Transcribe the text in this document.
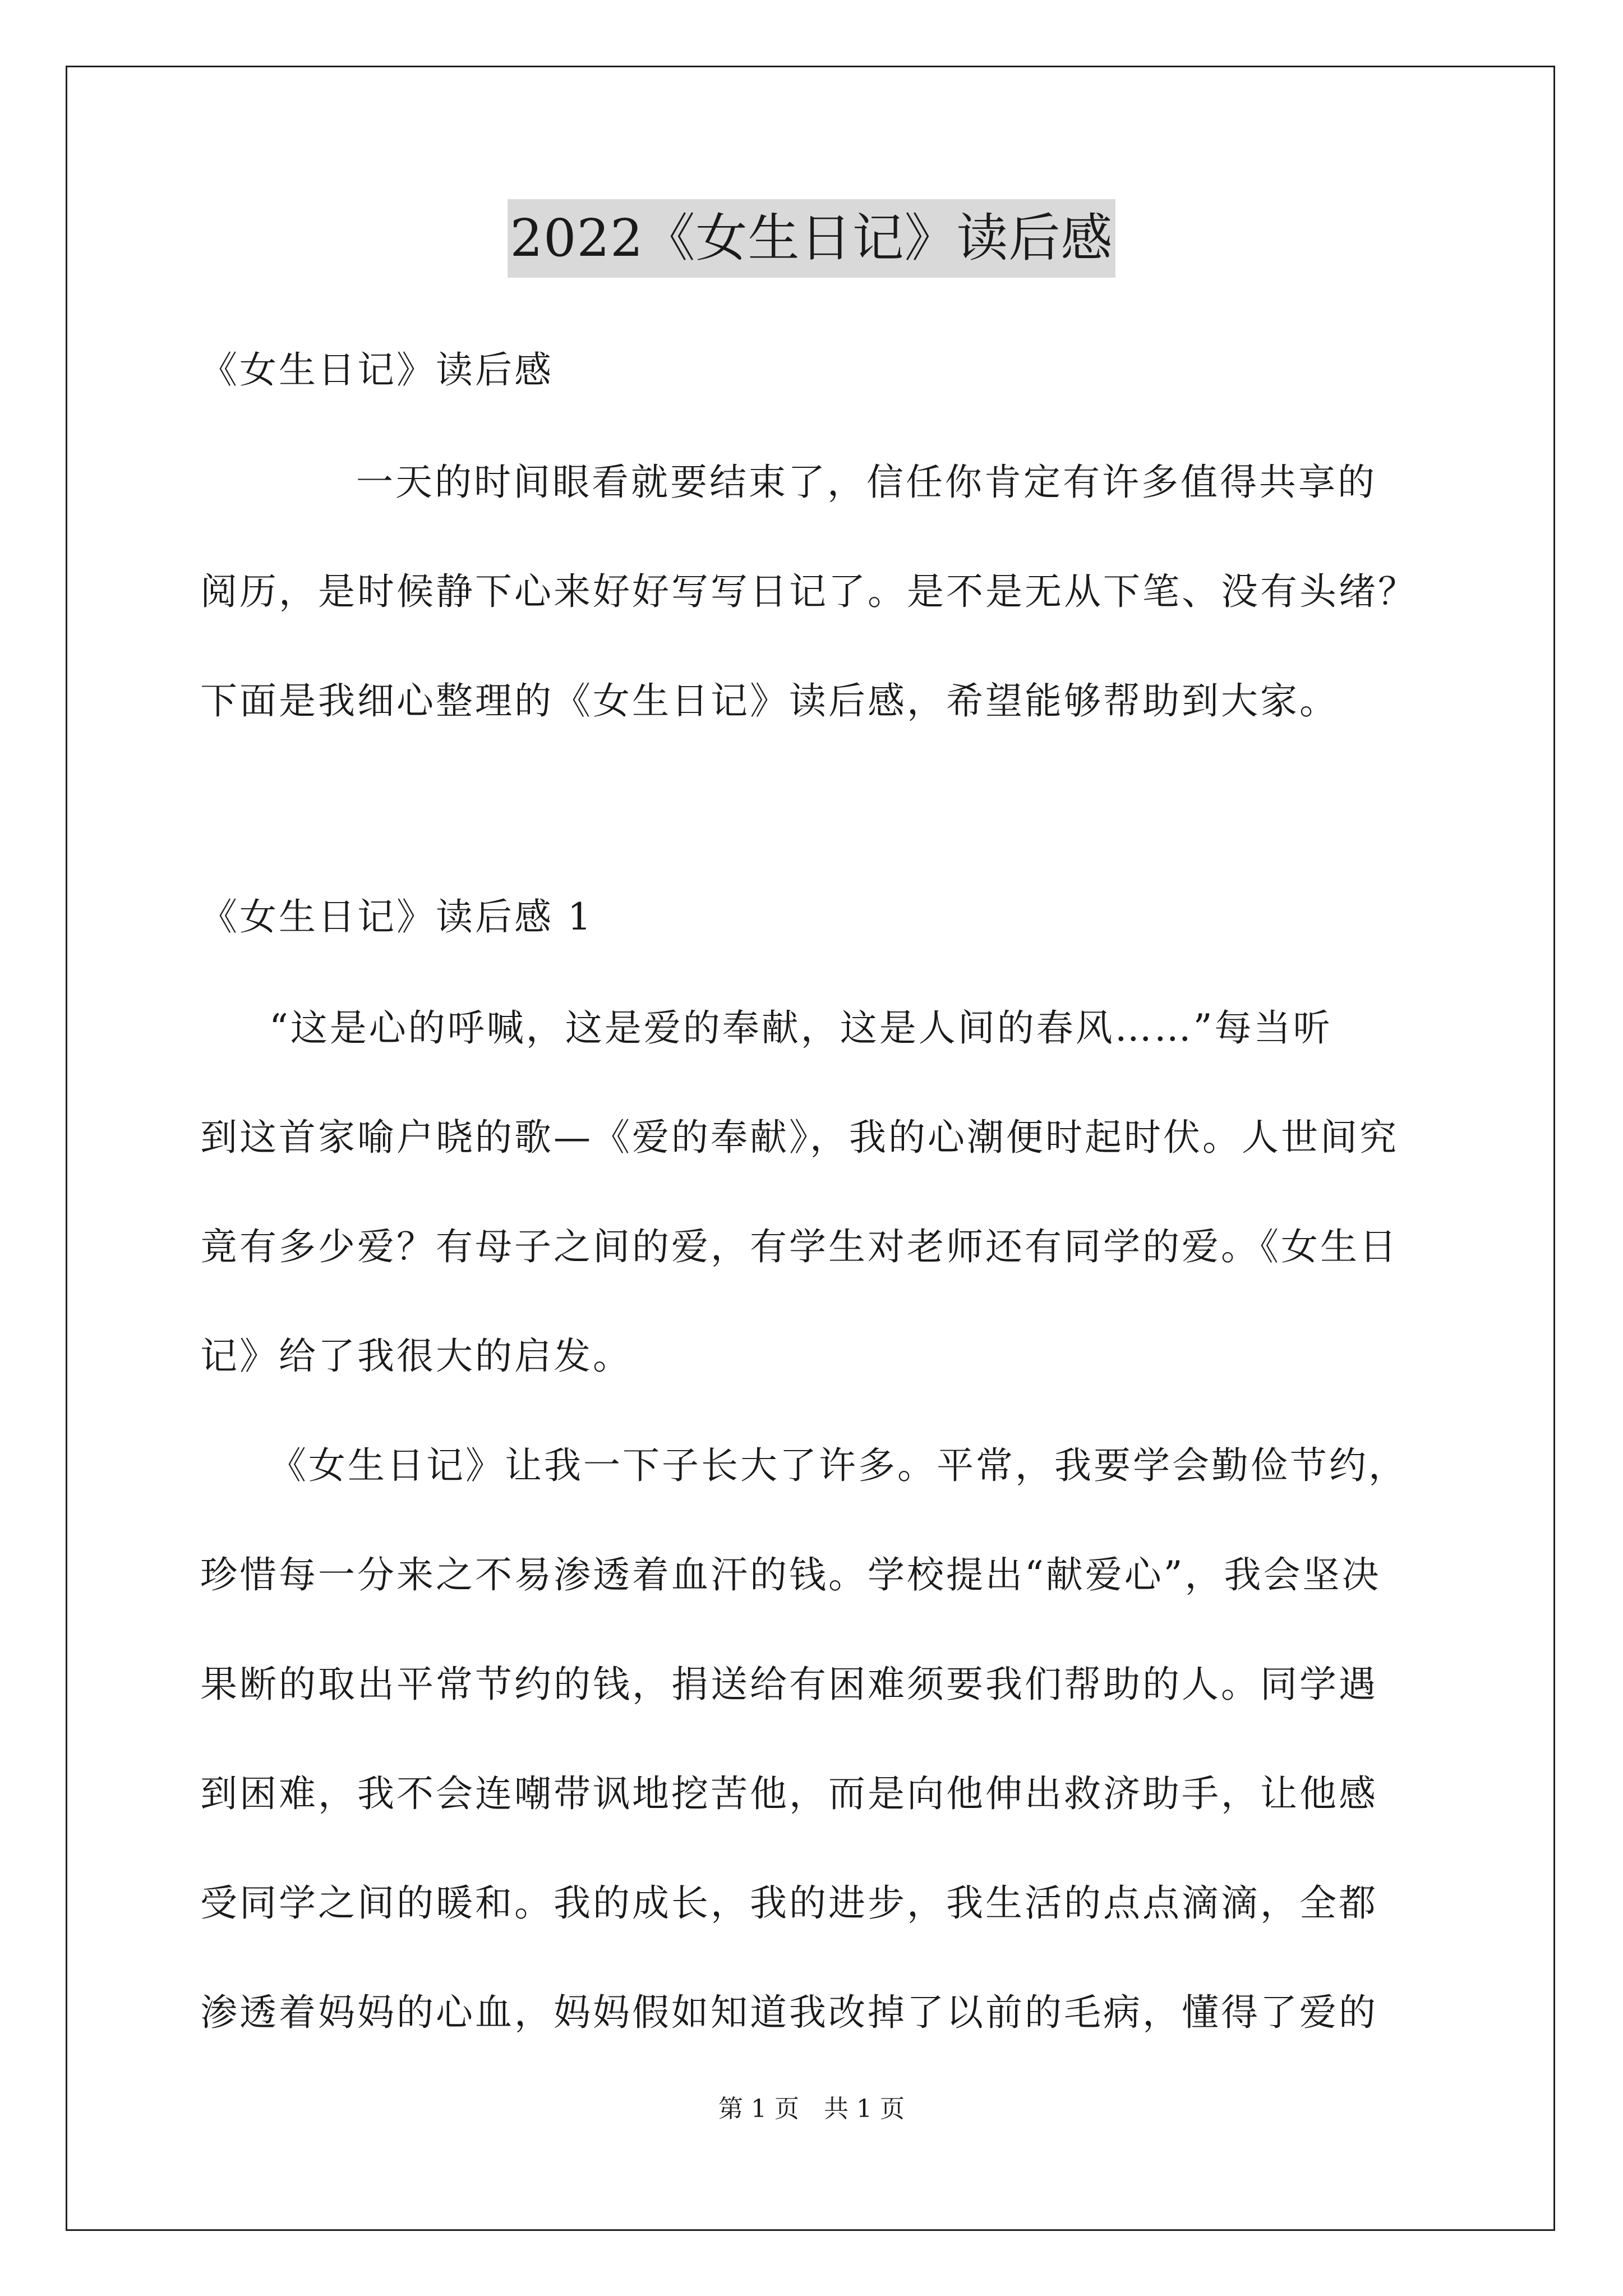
2022《女生日记》读后感
《女生日记》读后感
一天的时间眼看就要结束了，信任你肯定有许多值得共享的
阅历，是时候静下心来好好写写日记了。是不是无从下笔、没有头绪？
下面是我细心整理的《女生日记》读后感，希望能够帮助到大家。
《女生日记》读后感 1
“这是心的呼喊，这是爱的奉献，这是人间的春风……”每当听
到这首家喻户晓的歌—《爱的奉献》，我的心潮便时起时伏。人世间究
竟有多少爱？有母子之间的爱，有学生对老师还有同学的爱。《女生日
记》给了我很大的启发。
《女生日记》让我一下子长大了许多。平常，我要学会勤俭节约，
珍惜每一分来之不易渗透着血汗的钱。学校提出“献爱心”，我会坚决
果断的取出平常节约的钱，捐送给有困难须要我们帮助的人。同学遇
到困难，我不会连嘲带讽地挖苦他，而是向他伸出救济助手，让他感
受同学之间的暖和。我的成长，我的进步，我生活的点点滴滴，全都
渗透着妈妈的心血，妈妈假如知道我改掉了以前的毛病，懂得了爱的
第 1 页　共 1 页
